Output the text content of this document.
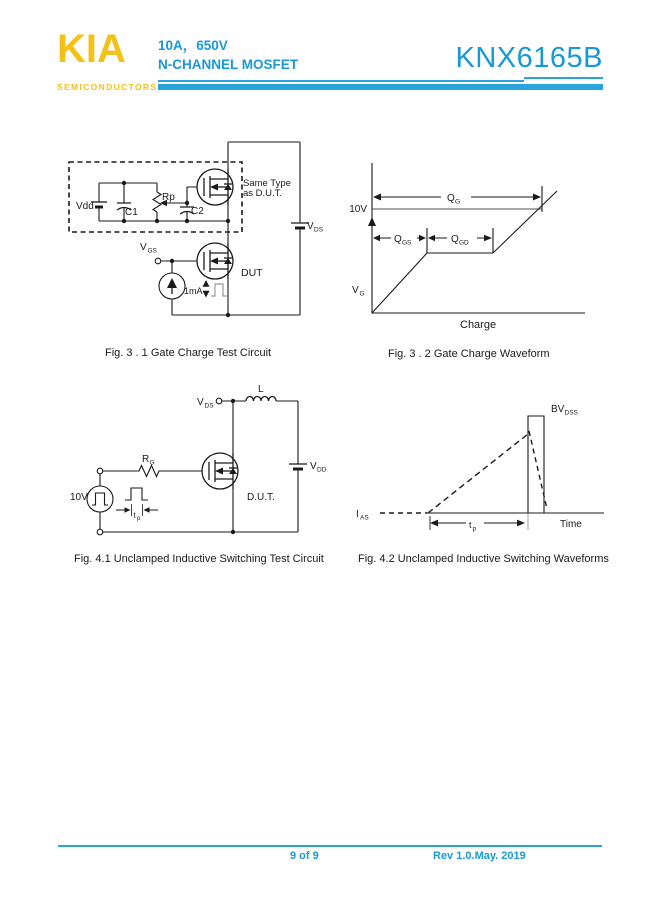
KIA
SEMICONDUCTORS
10A，650V
N-CHANNEL MOSFET	KNX6165B
Vdd
C1
Rp
C2
Same Type
as D.U.T.
V GS
1mA
DUT
V DS
Fig. 3 . 1 Gate Charge Test Circuit
10V
V G
Q G
Q GS	Q GD
Charge
Fig. 3 . 2 Gate Charge Waveform
V DS
L
R G
10V
t p
D.U.T.
V DD
Fig. 4.1 Unclamped Inductive Switching Test Circuit
BV DSS
I AS
t p	Time
Fig. 4.2 Unclamped Inductive Switching Waveforms
9 of 9	Rev 1.0.May. 2019
